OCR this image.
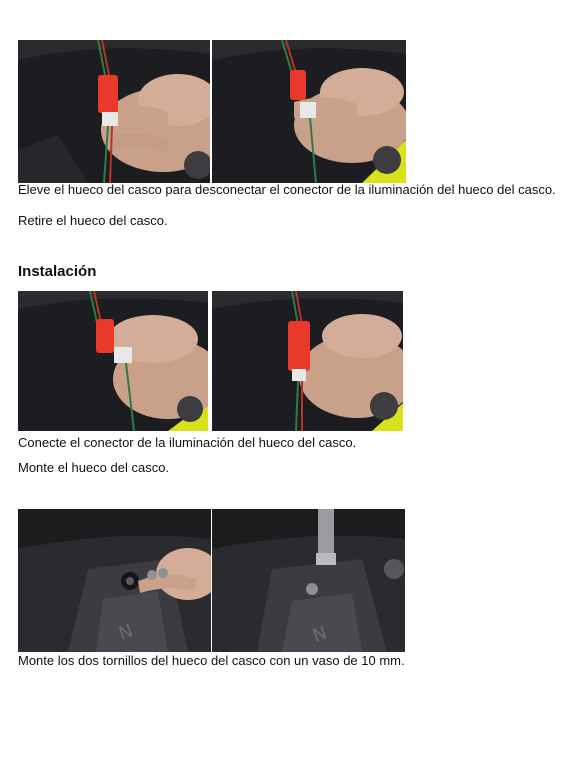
Eleve el hueco del casco para desconectar el conector de la iluminación del hueco del casco.
Retire el hueco del casco.
Instalación
Conecte el conector de la iluminación del hueco del casco.
Monte el hueco del casco.
N	N
Monte los dos tornillos del hueco del casco con un vaso de 10 mm.
